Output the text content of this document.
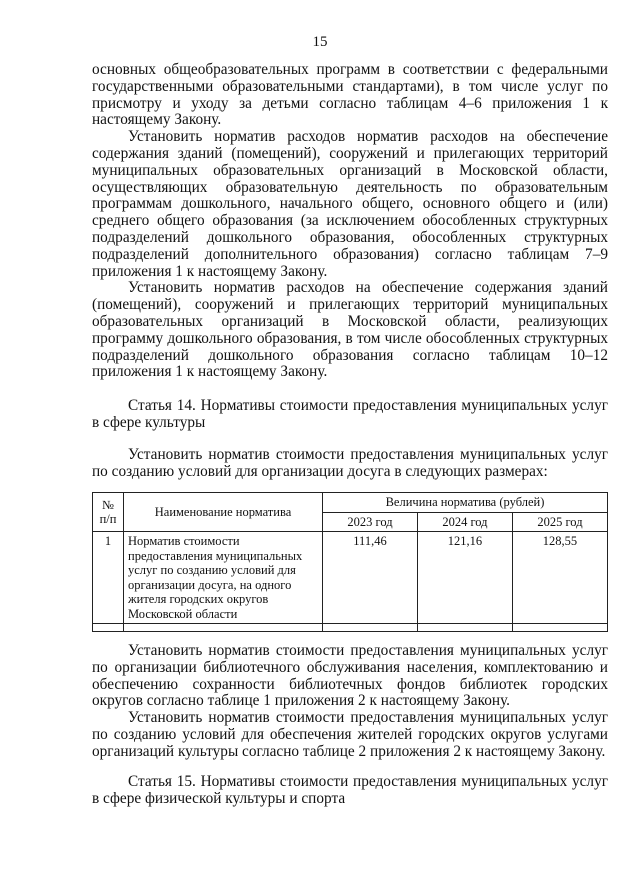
15

основных общеобразовательных программ в соответствии с федеральными государственными образовательными стандартами), в том числе услуг по присмотру и уходу за детьми согласно таблицам 4–6 приложения 1 к настоящему Закону.

Установить норматив расходов норматив расходов на обеспечение содержания зданий (помещений), сооружений и прилегающих территорий муниципальных образовательных организаций в Московской области, осуществляющих образовательную деятельность по образовательным программам дошкольного, начального общего, основного общего и (или) среднего общего образования (за исключением обособленных структурных подразделений дошкольного образования, обособленных структурных подразделений дополнительного образования) согласно таблицам 7–9 приложения 1 к настоящему Закону.

Установить норматив расходов на обеспечение содержания зданий (помещений), сооружений и прилегающих территорий муниципальных образовательных организаций в Московской области, реализующих программу дошкольного образования, в том числе обособленных структурных подразделений дошкольного образования согласно таблицам 10–12 приложения 1 к настоящему Закону.

Статья 14. Нормативы стоимости предоставления муниципальных услуг в сфере культуры

Установить норматив стоимости предоставления муниципальных услуг по созданию условий для организации досуга в следующих размерах:

№ п/п	Наименование норматива	Величина норматива (рублей)		
		2023 год	2024 год	2025 год
1	Норматив стоимости предоставления муниципальных услуг по созданию условий для организации досуга, на одного жителя городских округов Московской области	111,46	121,16	128,55

Установить норматив стоимости предоставления муниципальных услуг по организации библиотечного обслуживания населения, комплектованию и обеспечению сохранности библиотечных фондов библиотек городских округов согласно таблице 1 приложения 2 к настоящему Закону.

Установить норматив стоимости предоставления муниципальных услуг по созданию условий для обеспечения жителей городских округов услугами организаций культуры согласно таблице 2 приложения 2 к настоящему Закону.

Статья 15. Нормативы стоимости предоставления муниципальных услуг в сфере физической культуры и спорта
